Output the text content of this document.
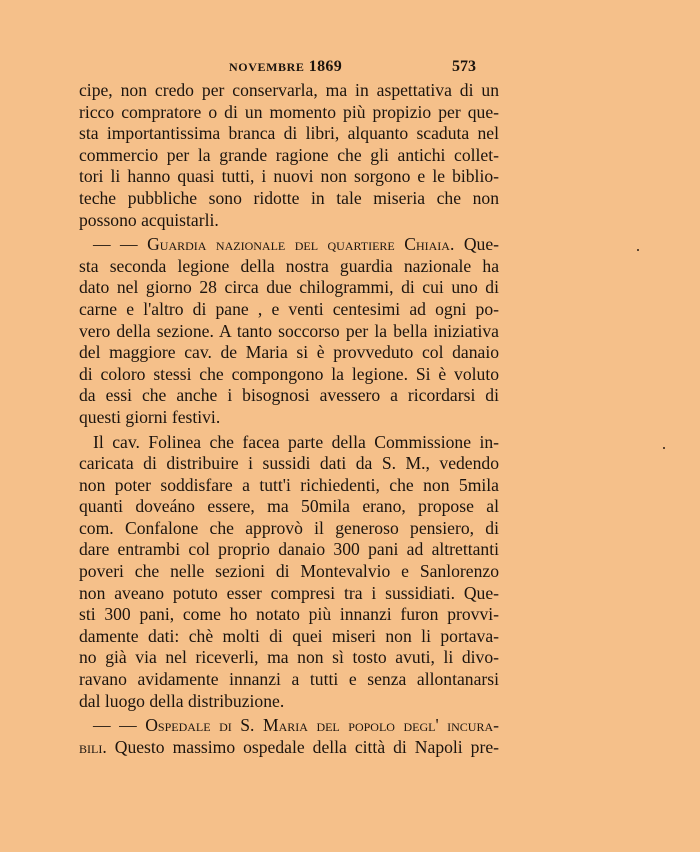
NOVEMBRE 1869	573
cipe, non credo per conservarla, ma in aspettativa di un
ricco compratore o di un momento più propizio per que-
sta importantissima branca di libri, alquanto scaduta nel
commercio per la grande ragione che gli antichi collet-
tori li hanno quasi tutti, i nuovi non sorgono e le biblio-
teche pubbliche sono ridotte in tale miseria che non
possono acquistarli.
— — Guardia nazionale del quartiere Chiaia. Que-
sta seconda legione della nostra guardia nazionale ha
dato nel giorno 28 circa due chilogrammi, di cui uno di
carne e l'altro di pane , e venti centesimi ad ogni po-
vero della sezione. A tanto soccorso per la bella iniziativa
del maggiore cav. de Maria si è provveduto col danaio
di coloro stessi che compongono la legione. Si è voluto
da essi che anche i bisognosi avessero a ricordarsi di
questi giorni festivi.
Il cav. Folinea che facea parte della Commissione in-
caricata di distribuire i sussidi dati da S. M., vedendo
non poter soddisfare a tutt'i richiedenti, che non 5mila
quanti doveáno essere, ma 50mila erano, propose al
com. Confalone che approvò il generoso pensiero, di
dare entrambi col proprio danaio 300 pani ad altrettanti
poveri che nelle sezioni di Montevalvio e Sanlorenzo
non aveano potuto esser compresi tra i sussidiati. Que-
sti 300 pani, come ho notato più innanzi furon provvi-
damente dati: chè molti di quei miseri non li portava-
no già via nel riceverli, ma non sì tosto avuti, li divo-
ravano avidamente innanzi a tutti e senza allontanarsi
dal luogo della distribuzione.
— — Ospedale di S. Maria del popolo degl' incura-
bili. Questo massimo ospedale della città di Napoli pre-
